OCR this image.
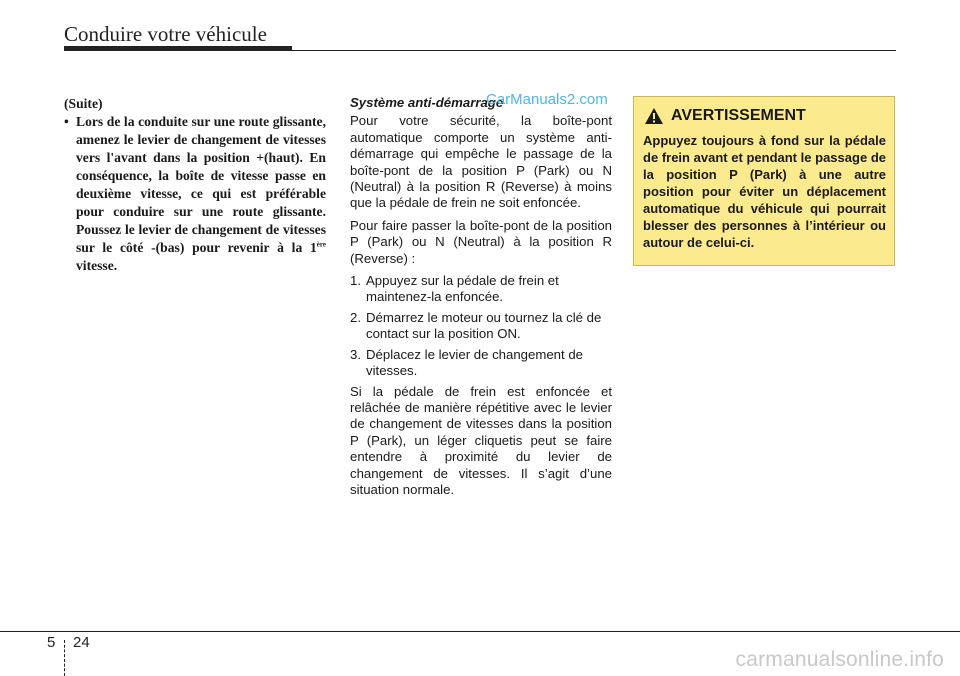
Conduire votre véhicule
(Suite)
• Lors de la conduite sur une route glissante, amenez le levier de changement de vitesses vers l'avant dans la position +(haut). En conséquence, la boîte de vitesse passe en deuxième vitesse, ce qui est préférable pour conduire sur une route glissante. Poussez le levier de changement de vitesses sur le côté -(bas) pour revenir à la 1ère vitesse.
Système anti-démarrage

Pour votre sécurité, la boîte-pont automatique comporte un système anti-démarrage qui empêche le passage de la boîte-pont de la position P (Park) ou N (Neutral) à la position R (Reverse) à moins que la pédale de frein ne soit enfoncée.

Pour faire passer la boîte-pont de la position P (Park) ou N (Neutral) à la position R (Reverse) :

1. Appuyez sur la pédale de frein et maintenez-la enfoncée.
2. Démarrez le moteur ou tournez la clé de contact sur la position ON.
3. Déplacez le levier de changement de vitesses.

Si la pédale de frein est enfoncée et relâchée de manière répétitive avec le levier de changement de vitesses dans la position P (Park), un léger cliquetis peut se faire entendre à proximité du levier de changement de vitesses. Il s’agit d’une situation normale.

CarManuals2.com
AVERTISSEMENT
Appuyez toujours à fond sur la pédale de frein avant et pendant le passage de la position P (Park) à une autre position pour éviter un déplacement automatique du véhicule qui pourrait blesser des personnes à l’intérieur ou autour de celui-ci.
5 24
carmanualsonline.info
